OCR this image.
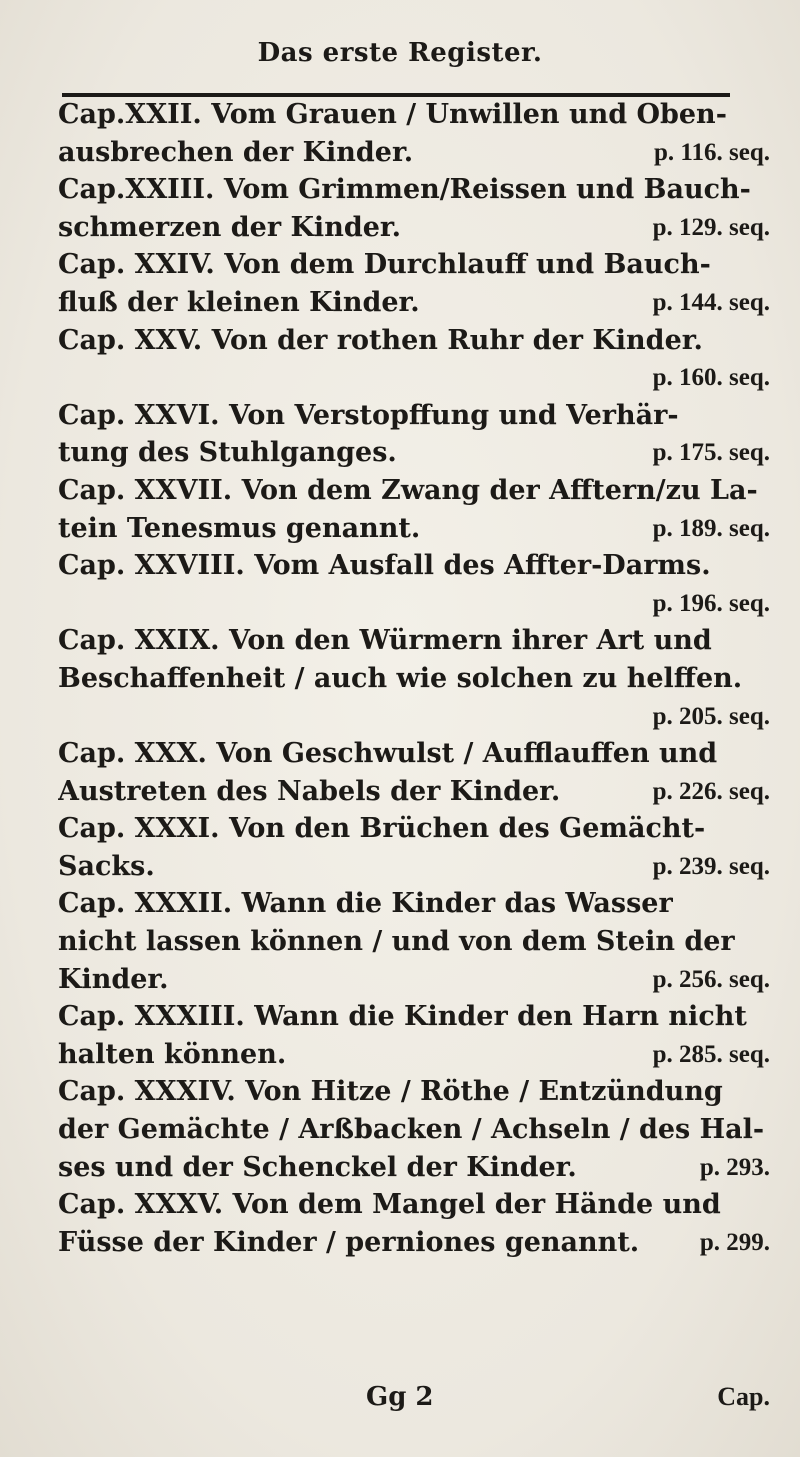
Das erste Register.
Cap.XXII. Vom Grauen / Unwillen und Oben-
ausbrechen der Kinder.	p. 116. seq.
Cap.XXIII. Vom Grimmen/Reissen und Bauch-
schmerzen der Kinder.	p. 129. seq.
Cap. XXIV. Von dem Durchlauff und Bauch-
fluß der kleinen Kinder.	p. 144. seq.
Cap. XXV. Von der rothen Ruhr der Kinder.
p. 160. seq.
Cap. XXVI. Von Verstopffung und Verhär-
tung des Stuhlganges.	p. 175. seq.
Cap. XXVII. Von dem Zwang der Afftern/zu La-
tein Tenesmus genannt.	p. 189. seq.
Cap. XXVIII. Vom Ausfall des Affter-Darms.
p. 196. seq.
Cap. XXIX. Von den Würmern ihrer Art und
Beschaffenheit / auch wie solchen zu helffen.
p. 205. seq.
Cap. XXX. Von Geschwulst / Aufflauffen und
Austreten des Nabels der Kinder.	p. 226. seq.
Cap. XXXI. Von den Brüchen des Gemächt-
Sacks.	p. 239. seq.
Cap. XXXII. Wann die Kinder das Wasser
nicht lassen können / und von dem Stein der
Kinder.	p. 256. seq.
Cap. XXXIII. Wann die Kinder den Harn nicht
halten können.	p. 285. seq.
Cap. XXXIV. Von Hitze / Röthe / Entzündung
der Gemächte / Arßbacken / Achseln / des Hal-
ses und der Schenckel der Kinder.	p. 293.
Cap. XXXV. Von dem Mangel der Hände und
Füsse der Kinder / perniones genannt. p. 299.
Gg 2	Cap.
